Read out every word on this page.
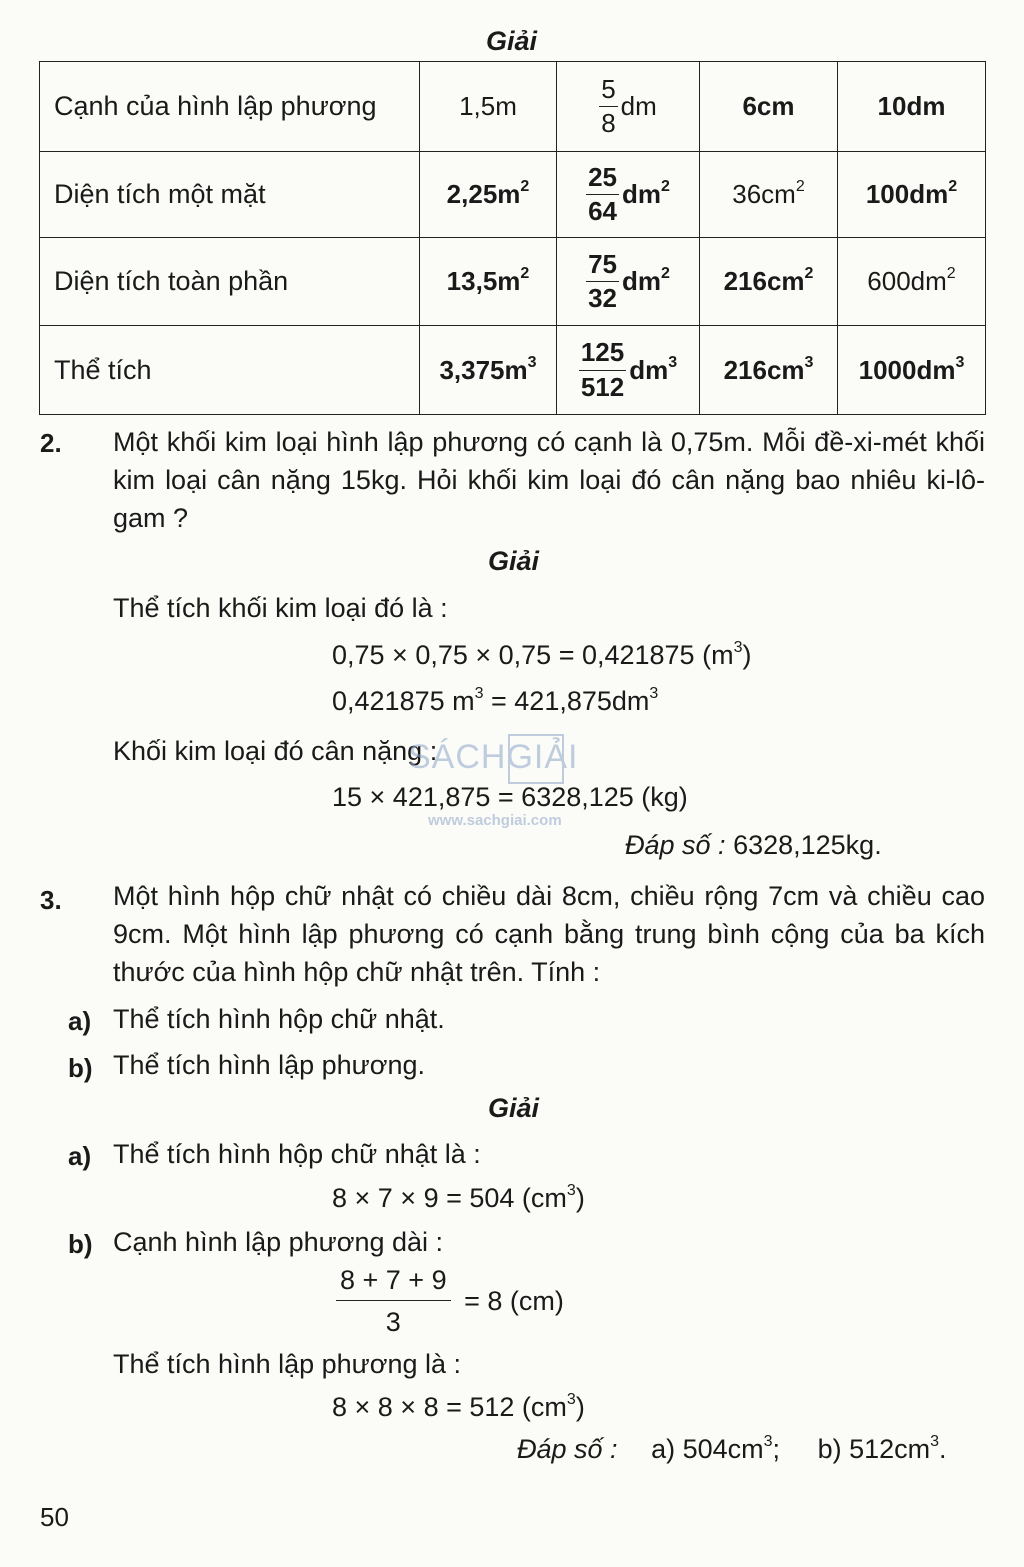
Giải
Cạnh của hình lập phương	1,5m	$\frac{5}{8}$ dm	6cm	10dm
Diện tích một mặt	$2,25m^2$	$\frac{25}{64} dm^2$	$36cm^2$	$100dm^2$
Diện tích toàn phần	$13,5m^2$	$\frac{75}{32} dm^2$	$216cm^2$	$600dm^2$
Thể tích	$3,375m^3$	$\frac{125}{512} dm^3$	$216cm^3$	$1000dm^3$
2. Một khối kim loại hình lập phương có cạnh là 0,75m. Mỗi đề-xi-mét khối kim loại cân nặng 15kg. Hỏi khối kim loại đó cân nặng bao nhiêu ki-lô-gam ?
Giải
Thể tích khối kim loại đó là :
0,75 × 0,75 × 0,75 = 0,421875 $(m^3)$
0,421875 $m^3 = 421,875dm^3$
Khối kim loại đó cân nặng :
15 × 421,875 = 6328,125 (kg)
Đáp số : 6328,125kg.
SÁCHGIẢI
www.sachgiai.com
3. Một hình hộp chữ nhật có chiều dài 8cm, chiều rộng 7cm và chiều cao 9cm. Một hình lập phương có cạnh bằng trung bình cộng của ba kích thước của hình hộp chữ nhật trên. Tính :
a) Thể tích hình hộp chữ nhật.
b) Thể tích hình lập phương.
Giải
a) Thể tích hình hộp chữ nhật là :
8 × 7 × 9 = 504 $(cm^3)$
b) Cạnh hình lập phương dài :
$\frac{8 + 7 + 9}{3} = 8$ (cm)
Thể tích hình lập phương là :
8 × 8 × 8 = 512 $(cm^3)$
Đáp số : a) $504cm^3$; b) $512cm^3$.
50
